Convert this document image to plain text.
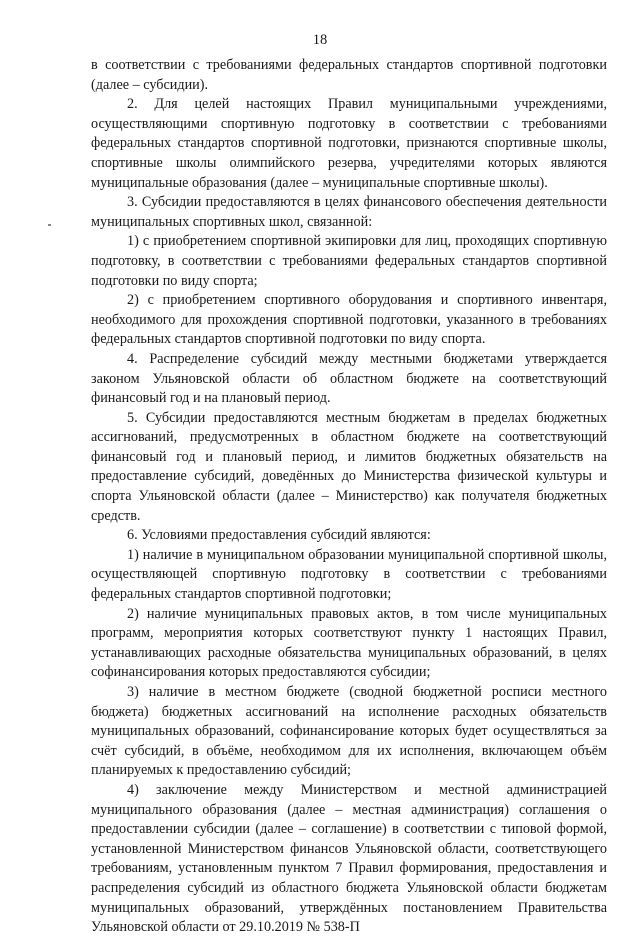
18

в соответствии с требованиями федеральных стандартов спортивной подготовки (далее – субсидии).

2. Для целей настоящих Правил муниципальными учреждениями, осуществляющими спортивную подготовку в соответствии с требованиями федеральных стандартов спортивной подготовки, признаются спортивные школы, спортивные школы олимпийского резерва, учредителями которых являются муниципальные образования (далее – муниципальные спортивные школы).

3. Субсидии предоставляются в целях финансового обеспечения деятельности муниципальных спортивных школ, связанной:

1) с приобретением спортивной экипировки для лиц, проходящих спортивную подготовку, в соответствии с требованиями федеральных стандартов спортивной подготовки по виду спорта;

2) с приобретением спортивного оборудования и спортивного инвентаря, необходимого для прохождения спортивной подготовки, указанного в требованиях федеральных стандартов спортивной подготовки по виду спорта.

4. Распределение субсидий между местными бюджетами утверждается законом Ульяновской области об областном бюджете на соответствующий финансовый год и на плановый период.

5. Субсидии предоставляются местным бюджетам в пределах бюджетных ассигнований, предусмотренных в областном бюджете на соответствующий финансовый год и плановый период, и лимитов бюджетных обязательств на предоставление субсидий, доведённых до Министерства физической культуры и спорта Ульяновской области (далее – Министерство) как получателя бюджетных средств.

6. Условиями предоставления субсидий являются:

1) наличие в муниципальном образовании муниципальной спортивной школы, осуществляющей спортивную подготовку в соответствии с требованиями федеральных стандартов спортивной подготовки;

2) наличие муниципальных правовых актов, в том числе муниципальных программ, мероприятия которых соответствуют пункту 1 настоящих Правил, устанавливающих расходные обязательства муниципальных образований, в целях софинансирования которых предоставляются субсидии;

3) наличие в местном бюджете (сводной бюджетной росписи местного бюджета) бюджетных ассигнований на исполнение расходных обязательств муниципальных образований, софинансирование которых будет осуществляться за счёт субсидий, в объёме, необходимом для их исполнения, включающем объём планируемых к предоставлению субсидий;

4) заключение между Министерством и местной администрацией муниципального образования (далее – местная администрация) соглашения о предоставлении субсидии (далее – соглашение) в соответствии с типовой формой, установленной Министерством финансов Ульяновской области, соответствующего требованиям, установленным пунктом 7 Правил формирования, предоставления и распределения субсидий из областного бюджета Ульяновской области бюджетам муниципальных образований, утверждённых постановлением Правительства Ульяновской области от 29.10.2019 № 538-П
